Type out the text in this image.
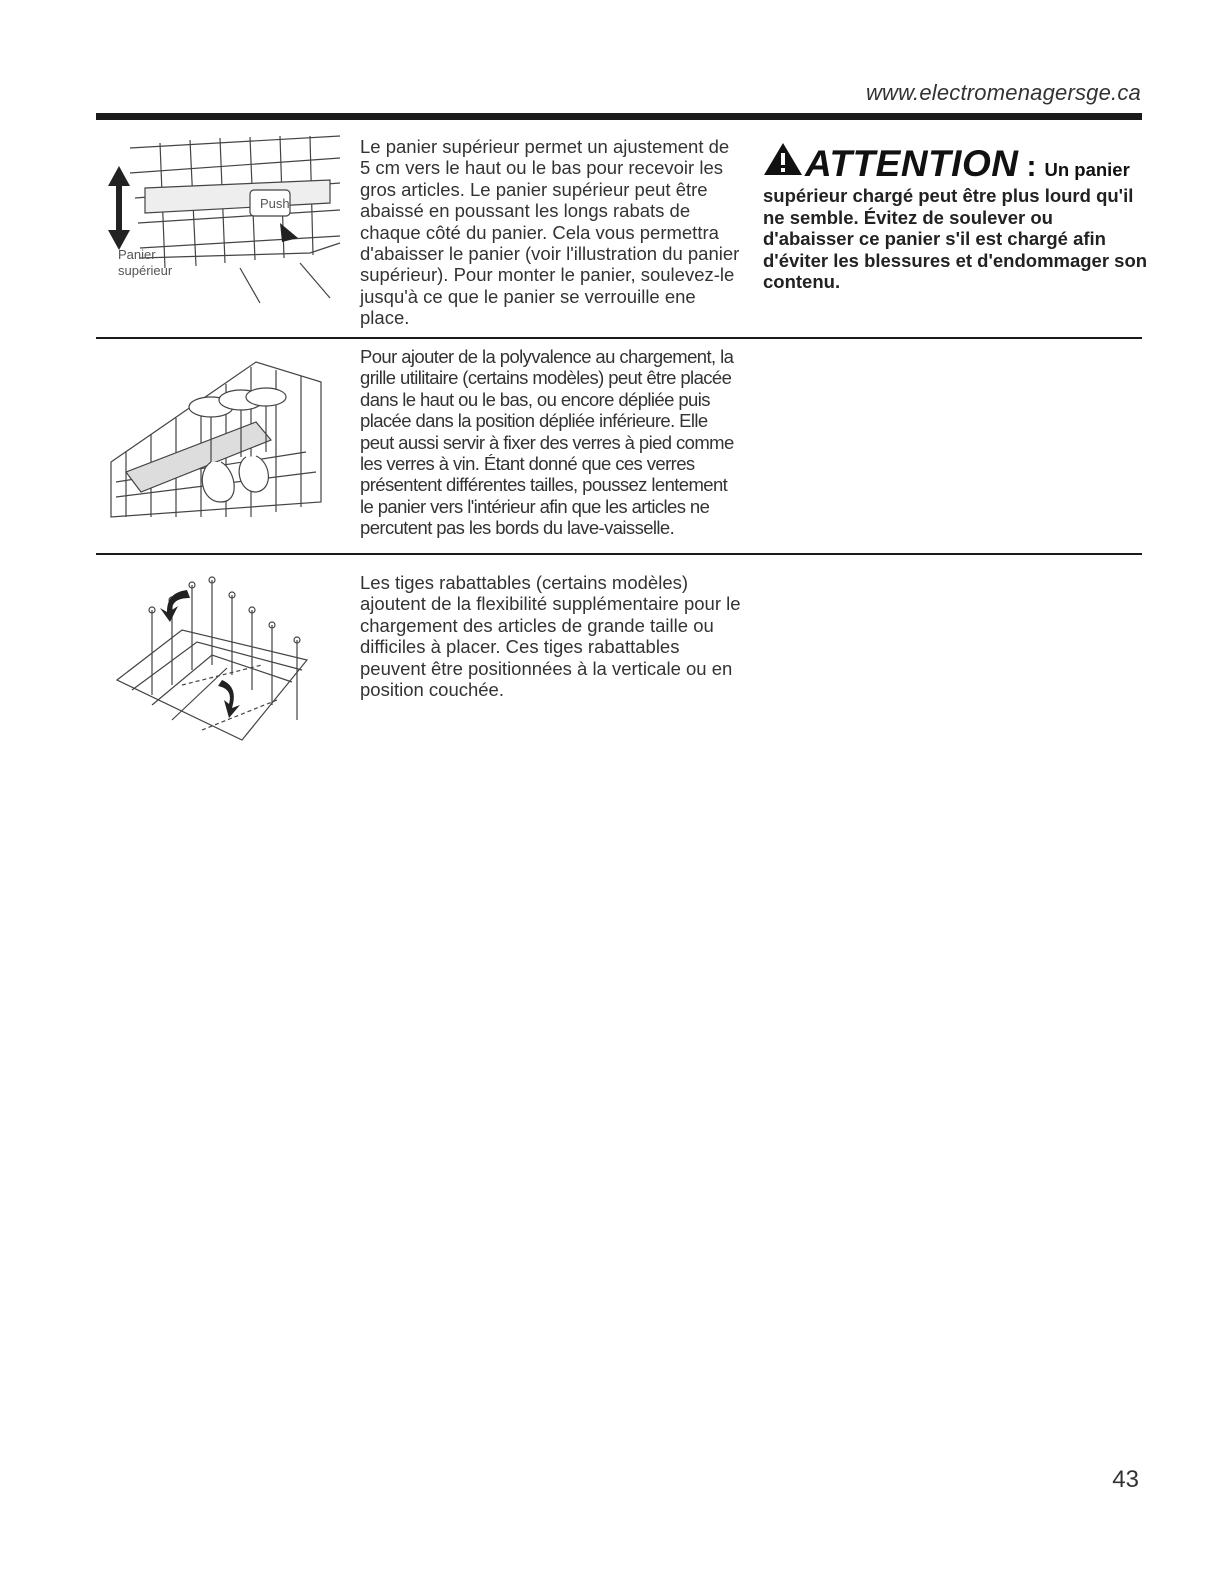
www.electromenagersge.ca
Push
Panier
supérieur

Le panier supérieur permet un ajustement de 5 cm vers le haut ou le bas pour recevoir les gros articles. Le panier supérieur peut être abaissé en poussant les longs rabats de chaque côté du panier. Cela vous permettra d'abaisser le panier (voir l'illustration du panier supérieur). Pour monter le panier, soulevez-le jusqu'à ce que le panier se verrouille ene place.

ATTENTION : Un panier

supérieur chargé peut être plus lourd qu'il ne semble. Évitez de soulever ou d'abaisser ce panier s'il est chargé afin d'éviter les blessures et d'endommager son contenu.

Pour ajouter de la polyvalence au chargement, la grille utilitaire (certains modèles) peut être placée dans le haut ou le bas, ou encore dépliée puis placée dans la position dépliée inférieure. Elle peut aussi servir à fixer des verres à pied comme les verres à vin. Étant donné que ces verres présentent différentes tailles, poussez lentement le panier vers l'intérieur afin que les articles ne percutent pas les bords du lave-vaisselle.

Les tiges rabattables (certains modèles) ajoutent de la flexibilité supplémentaire pour le chargement des articles de grande taille ou difficiles à placer. Ces tiges rabattables peuvent être positionnées à la verticale ou en position couchée.

43
